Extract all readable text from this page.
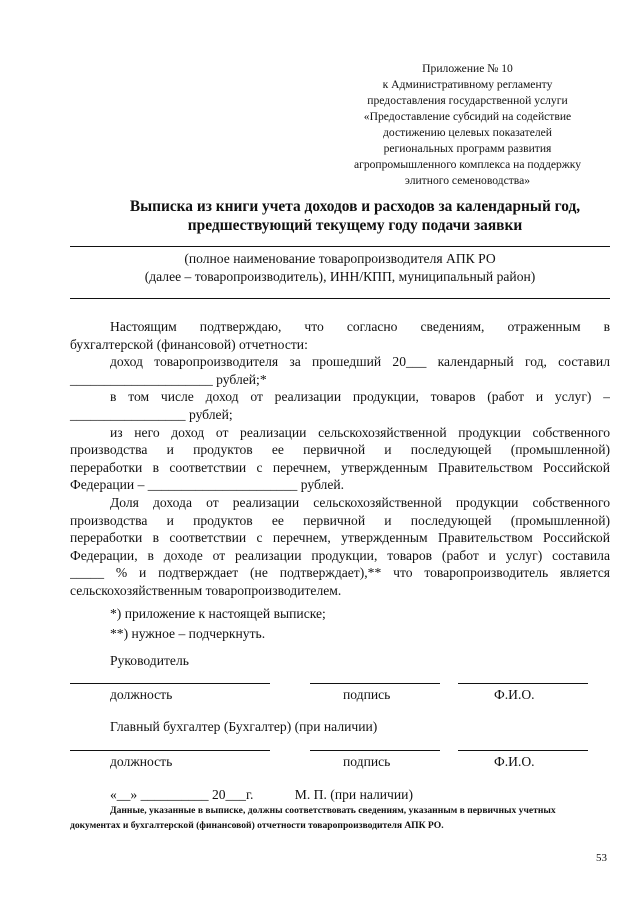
Приложение № 10
к Административному регламенту
предоставления государственной услуги
«Предоставление субсидий на содействие
достижению целевых показателей
региональных программ развития
агропромышленного комплекса на поддержку
элитного семеноводства»
Выписка из книги учета доходов и расходов за календарный год,
предшествующий текущему году подачи заявки
(полное наименование товаропроизводителя АПК РО
(далее – товаропроизводитель), ИНН/КПП, муниципальный район)
Настоящим подтверждаю, что согласно сведениям, отраженным в
бухгалтерской (финансовой) отчетности:
доход товаропроизводителя за прошедший 20___ календарный год, составил
_____________________ рублей;*
в том числе доход от реализации продукции, товаров (работ и услуг) –
_________________ рублей;
из него доход от реализации сельскохозяйственной продукции собственного
производства и продуктов ее первичной и последующей (промышленной)
переработки в соответствии с перечнем, утвержденным Правительством Российской
Федерации – ______________________ рублей.
Доля дохода от реализации сельскохозяйственной продукции собственного
производства и продуктов ее первичной и последующей (промышленной)
переработки в соответствии с перечнем, утвержденным Правительством Российской
Федерации, в доходе от реализации продукции, товаров (работ и услуг) составила
_____ % и подтверждает (не подтверждает),** что товаропроизводитель является
сельскохозяйственным товаропроизводителем.
*) приложение к настоящей выписке;
**) нужное – подчеркнуть.
Руководитель
должность	подпись	Ф.И.О.
Главный бухгалтер (Бухгалтер) (при наличии)
должность	подпись	Ф.И.О.
«__» __________ 20___г.	М. П. (при наличии)
Данные, указанные в выписке, должны соответствовать сведениям, указанным в первичных учетных
документах и бухгалтерской (финансовой) отчетности товаропроизводителя АПК РО.
53
